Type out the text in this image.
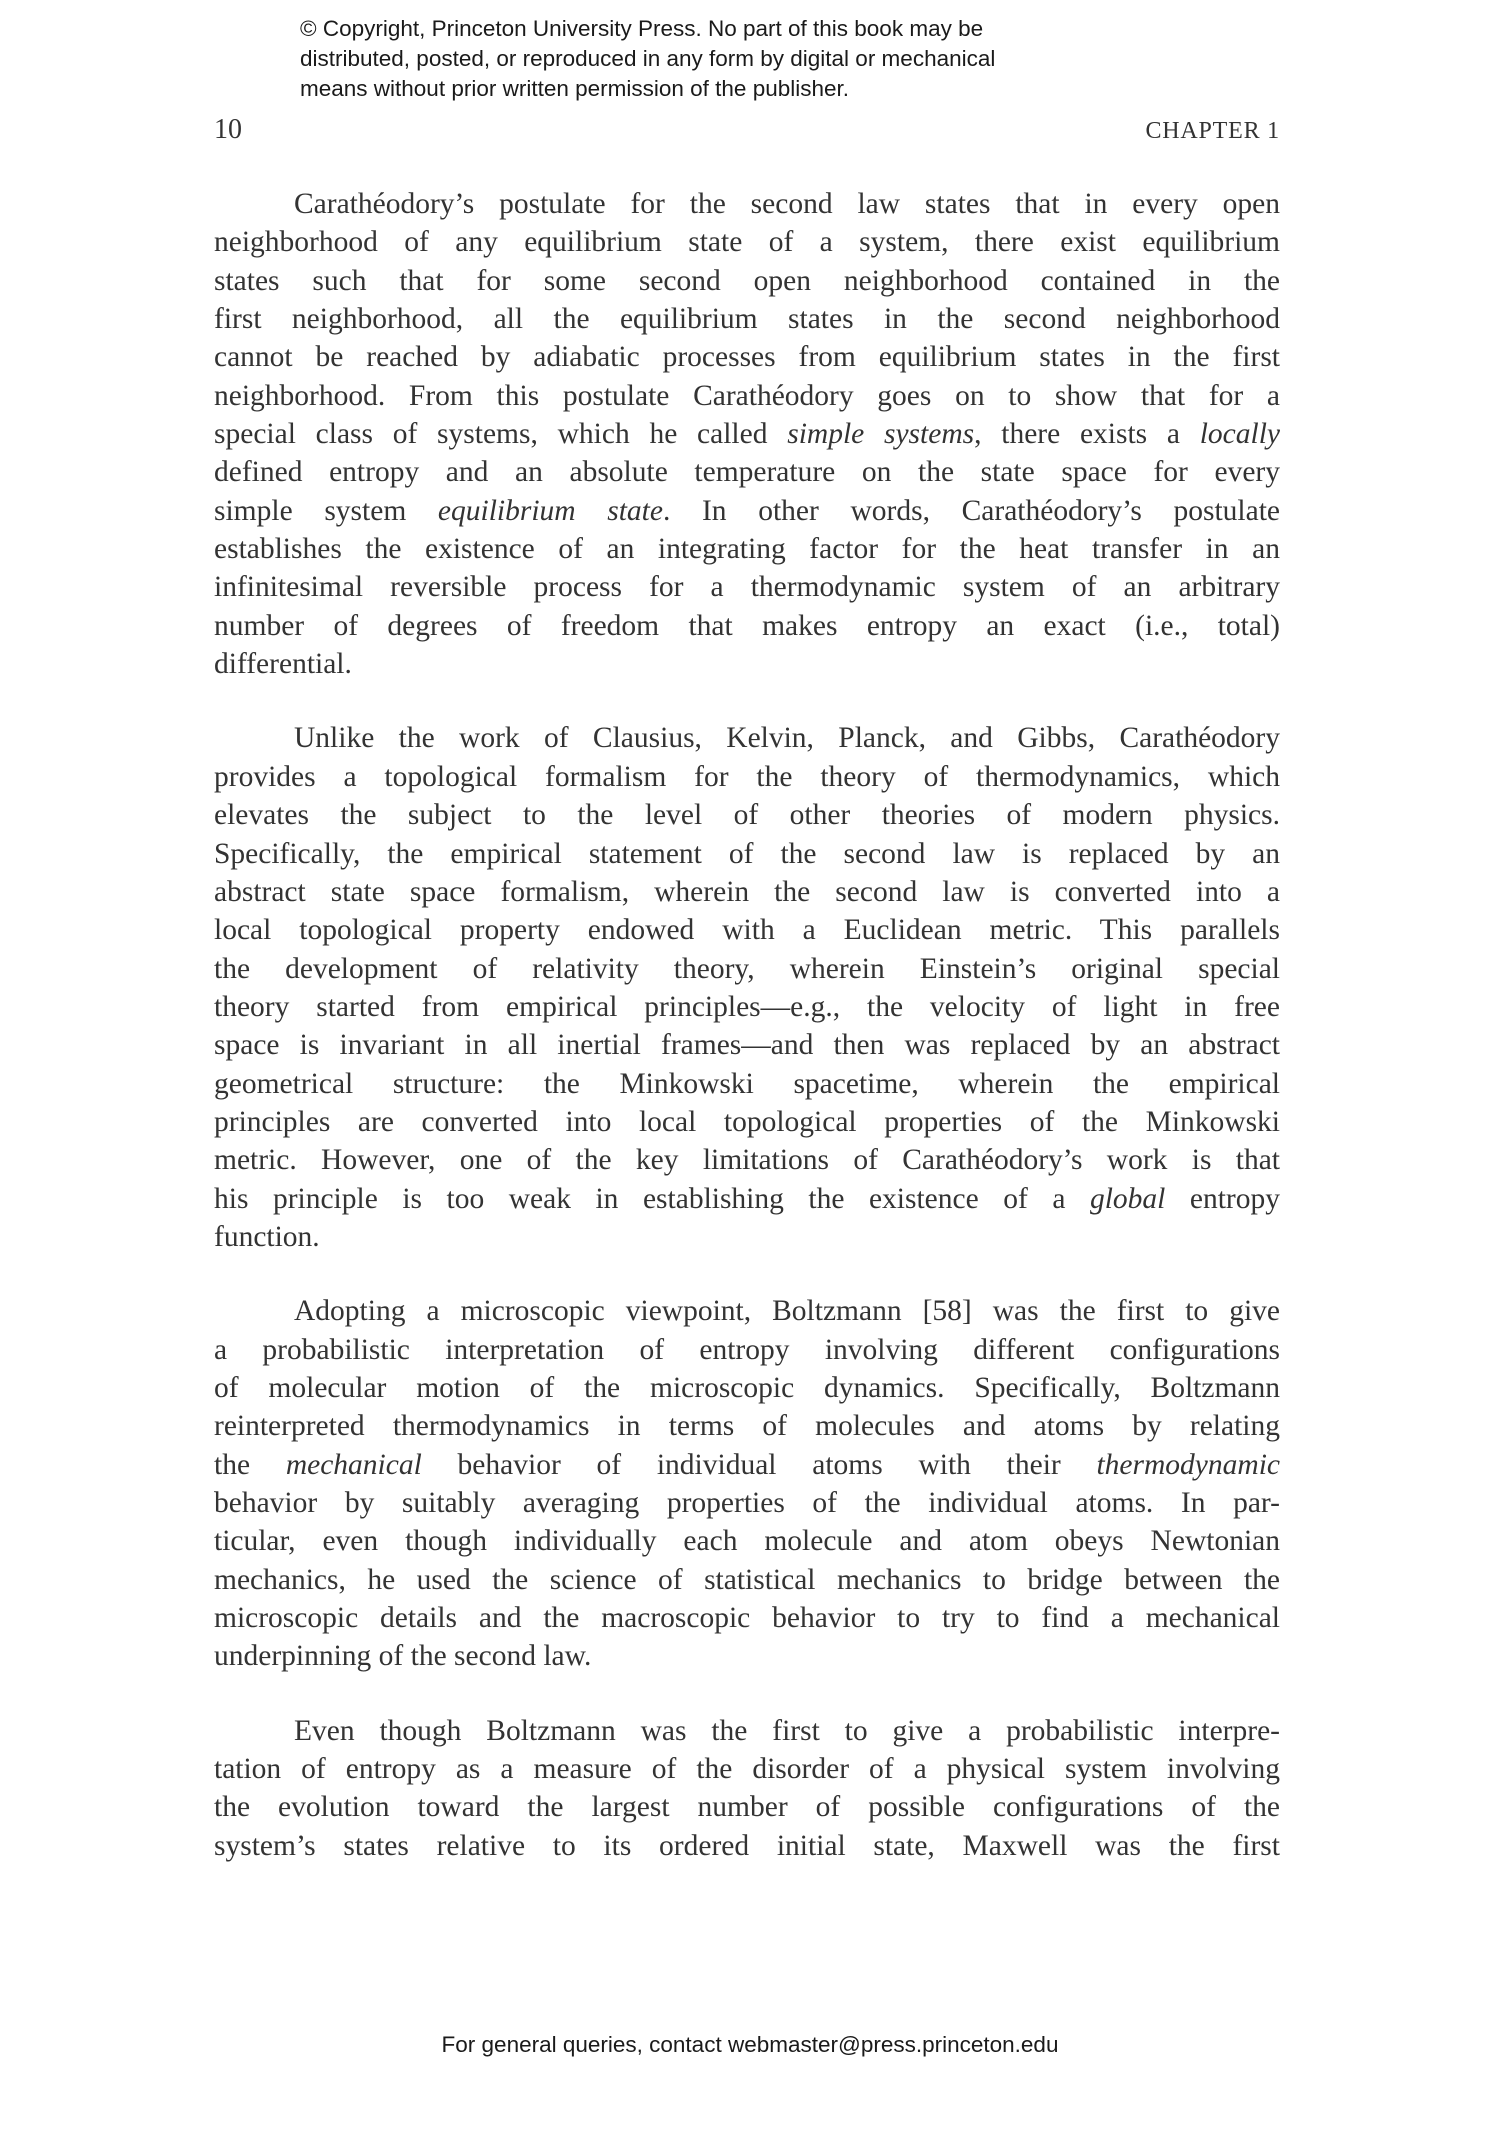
© Copyright, Princeton University Press. No part of this book may be
distributed, posted, or reproduced in any form by digital or mechanical
means without prior written permission of the publisher.
10	CHAPTER 1
Carathéodory’s postulate for the second law states that in every open
neighborhood of any equilibrium state of a system, there exist equilibrium
states such that for some second open neighborhood contained in the
first neighborhood, all the equilibrium states in the second neighborhood
cannot be reached by adiabatic processes from equilibrium states in the first
neighborhood. From this postulate Carathéodory goes on to show that for a
special class of systems, which he called simple systems, there exists a locally
defined entropy and an absolute temperature on the state space for every
simple system equilibrium state. In other words, Carathéodory’s postulate
establishes the existence of an integrating factor for the heat transfer in an
infinitesimal reversible process for a thermodynamic system of an arbitrary
number of degrees of freedom that makes entropy an exact (i.e., total)
differential.
Unlike the work of Clausius, Kelvin, Planck, and Gibbs, Carathéodory
provides a topological formalism for the theory of thermodynamics, which
elevates the subject to the level of other theories of modern physics.
Specifically, the empirical statement of the second law is replaced by an
abstract state space formalism, wherein the second law is converted into a
local topological property endowed with a Euclidean metric. This parallels
the development of relativity theory, wherein Einstein’s original special
theory started from empirical principles—e.g., the velocity of light in free
space is invariant in all inertial frames—and then was replaced by an abstract
geometrical structure: the Minkowski spacetime, wherein the empirical
principles are converted into local topological properties of the Minkowski
metric. However, one of the key limitations of Carathéodory’s work is that
his principle is too weak in establishing the existence of a global entropy
function.
Adopting a microscopic viewpoint, Boltzmann [58] was the first to give
a probabilistic interpretation of entropy involving different configurations
of molecular motion of the microscopic dynamics. Specifically, Boltzmann
reinterpreted thermodynamics in terms of molecules and atoms by relating
the mechanical behavior of individual atoms with their thermodynamic
behavior by suitably averaging properties of the individual atoms. In par-
ticular, even though individually each molecule and atom obeys Newtonian
mechanics, he used the science of statistical mechanics to bridge between the
microscopic details and the macroscopic behavior to try to find a mechanical
underpinning of the second law.
Even though Boltzmann was the first to give a probabilistic interpre-
tation of entropy as a measure of the disorder of a physical system involving
the evolution toward the largest number of possible configurations of the
system’s states relative to its ordered initial state, Maxwell was the first
For general queries, contact webmaster@press.princeton.edu
